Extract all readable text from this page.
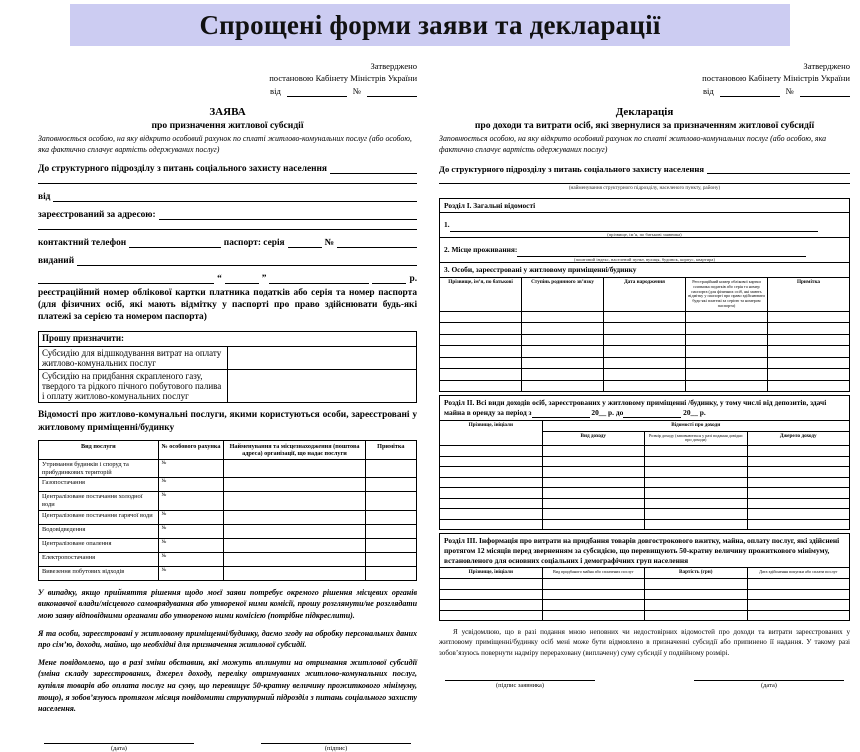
Спрощені форми заяви та декларації
Затверджено
постановою Кабінету Міністрів України
від	№
ЗАЯВА
про призначення житлової субсидії
Заповнюється особою, на яку відкрито особовий рахунок по сплаті житлово-комунальних послуг (або особою, яка фактично сплачує вартість одержуваних послуг)
До структурного підрозділу з питань соціального захисту населення
від
зареєстрований за адресою:
контактний телефон	паспорт: серія	№
виданий
“	”	р.
реєстраційний номер облікової картки платника податків або серія та номер паспорта (для фізичних осіб, які мають відмітку у паспорті про право здійснювати будь-які платежі за серією та номером паспорта)
Прошу призначити:	
Субсидію для відшкодування витрат на оплату житлово-комунальних послуг	
Субсидію на придбання скрапленого газу, твердого та рідкого пічного побутового палива і оплату житлово-комунальних послуг	
Відомості про житлово-комунальні послуги, якими користуються особи, зареєстровані у житловому приміщенні/будинку
Вид послуги	№ особового рахунка	Найменування та місцезнаходження (поштова адреса) організації, що надає послуги	Примітка
Утримання будинків і споруд та прибудинкових територій	№		
Газопостачання	№		
Централізоване постачання холодної води	№		
Централізоване постачання гарячої води	№		
Водовідведення	№		
Централізоване опалення	№		
Електропостачання	№		
Вивезення побутових відходів	№		
У випадку, якщо прийняття рішення щодо моєї заяви потребує окремого рішення місцевих органів виконавчої влади/місцевого самоврядування або утвореної ними комісії, прошу розглянути/не розглядати мою заяву відповідними органами або утвореною ними комісією (потрібне підкреслити).
Я та особи, зареєстровані у житловому приміщенні/будинку, даємо згоду на обробку персональних даних про сім’ю, доходи, майно, що необхідні для призначення житлової субсидії.
Мене повідомлено, що в разі зміни обставин, які можуть вплинути на отримання житлової субсидії (зміна складу зареєстрованих, джерел доходу, переліку отримуваних житлово-комунальних послуг, купівля товарів або оплата послуг на суму, що перевищує 50-кратну величину прожиткового мінімуму, тощо), я зобов’язуюсь протягом місяця повідомити структурний підрозділ з питань соціального захисту населення.
(дата)	(підпис)
Затверджено
постановою Кабінету Міністрів України
від	№
Декларація
про доходи та витрати осіб, які звернулися за призначенням житлової субсидії
Заповнюється особою, на яку відкрито особовий рахунок по сплаті житлово-комунальних послуг (або особою, яка фактично сплачує вартість одержуваних послуг)
До структурного підрозділу з питань соціального захисту населення
(найменування структурного підрозділу, населеного пункту, району)
Розділ I. Загальні відомості				
1.
(прізвище, ім’я, по батькові заявника)				

2. Місце проживання:
(поштовий індекс, населений пункт, вулиця, будинок, корпус, квартира)				

3. Особи, зареєстровані у житловому приміщенні/будинку				
Прізвище, ім’я, по батькові	Ступінь родинного зв’язку	Дата народження	Реєстраційний номер облікової картки платника податків або серія та номер паспорта (для фізичних осіб, які мають відмітку у паспорті про право здійснювати будь-які платежі за серією та номером паспорта)	Примітка

Розділ II. Всі види доходів осіб, зареєстрованих у житловому приміщенні /будинку, у тому числі від депозитів, здачі майна в оренду за період з 20__ р. до 20__ р.			
Прізвище, ініціали	Відомості про доходи		
	Вид доходу	Розмір доходу (заповнюється у разі подання довідки про доходи)	Джерело доходу

Розділ III. Інформація про витрати на придбання товарів довгострокового вжитку, майна, оплату послуг, які здійснені протягом 12 місяців перед зверненням за субсидією, що перевищують 50-кратну величину прожиткового мінімуму, встановленого для основних соціальних і демографічних груп населення			
Прізвище, ініціали	Вид придбаного майна або сплачених послуг	Вартість (грн)	Дата здійснення покупки або сплати послуг

Я усвідомлюю, що в разі подання мною неповних чи недостовірних відомостей про доходи та витрати зареєстрованих у житловому приміщенні/будинку осіб мені може бути відмовлено в призначенні субсидії або припинено її надання. У такому разі зобов’язуюсь повернути надміру перераховану (виплачену) суму субсидії у подвійному розмірі.
(підпис заявника)	(дата)
